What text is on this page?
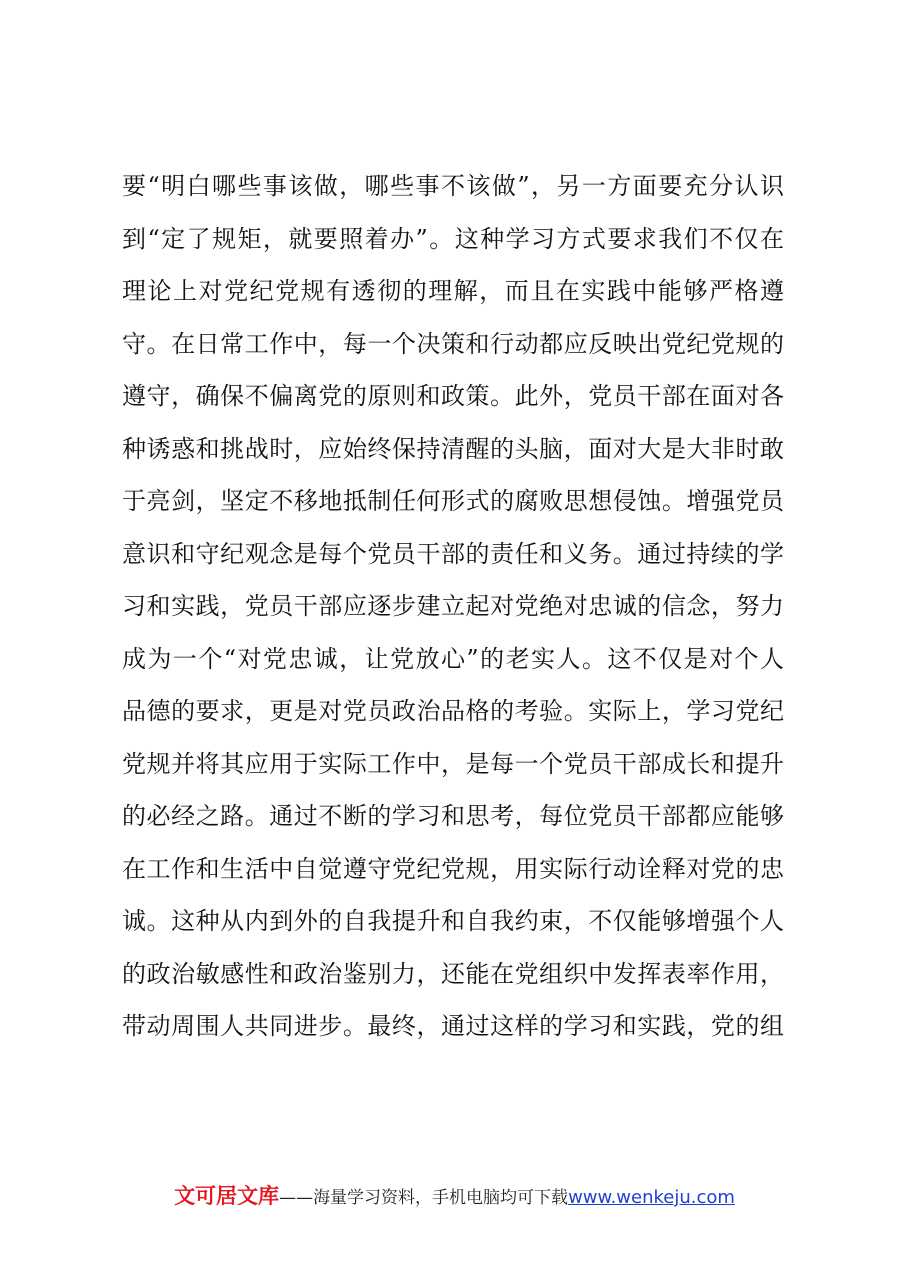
要“明白哪些事该做，哪些事不该做”，另一方面要充分认识
到“定了规矩，就要照着办”。这种学习方式要求我们不仅在
理论上对党纪党规有透彻的理解，而且在实践中能够严格遵
守。在日常工作中，每一个决策和行动都应反映出党纪党规的
遵守，确保不偏离党的原则和政策。此外，党员干部在面对各
种诱惑和挑战时，应始终保持清醒的头脑，面对大是大非时敢
于亮剑，坚定不移地抵制任何形式的腐败思想侵蚀。增强党员
意识和守纪观念是每个党员干部的责任和义务。通过持续的学
习和实践，党员干部应逐步建立起对党绝对忠诚的信念，努力
成为一个“对党忠诚，让党放心”的老实人。这不仅是对个人
品德的要求，更是对党员政治品格的考验。实际上，学习党纪
党规并将其应用于实际工作中，是每一个党员干部成长和提升
的必经之路。通过不断的学习和思考，每位党员干部都应能够
在工作和生活中自觉遵守党纪党规，用实际行动诠释对党的忠
诚。这种从内到外的自我提升和自我约束，不仅能够增强个人
的政治敏感性和政治鉴别力，还能在党组织中发挥表率作用，
带动周围人共同进步。最终，通过这样的学习和实践，党的组
文可居文库——海量学习资料，手机电脑均可下载www.wenkeju.com
